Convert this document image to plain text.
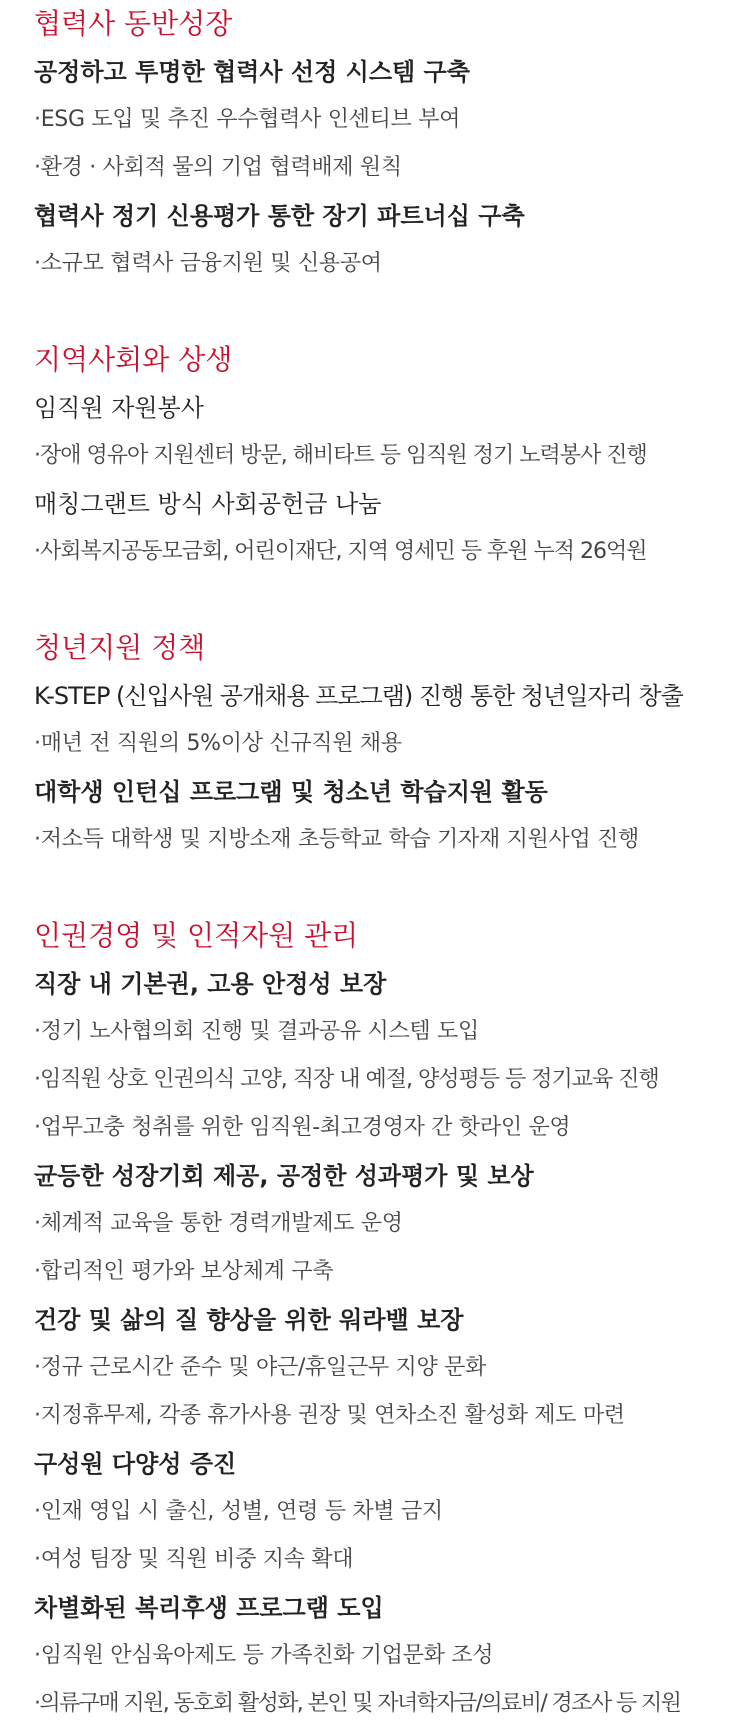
협력사 동반성장
공정하고 투명한 협력사 선정 시스템 구축
·ESG 도입 및 추진 우수협력사 인센티브 부여
·환경 · 사회적 물의 기업 협력배제 원칙
협력사 정기 신용평가 통한 장기 파트너십 구축
·소규모 협력사 금융지원 및 신용공여
지역사회와 상생
임직원 자원봉사
·장애 영유아 지원센터 방문, 해비타트 등 임직원 정기 노력봉사 진행
매칭그랜트 방식 사회공헌금 나눔
·사회복지공동모금회, 어린이재단, 지역 영세민 등 후원 누적 26억원
청년지원 정책
K-STEP (신입사원 공개채용 프로그램) 진행 통한 청년일자리 창출
·매년 전 직원의 5%이상 신규직원 채용
대학생 인턴십 프로그램 및 청소년 학습지원 활동
·저소득 대학생 및 지방소재 초등학교 학습 기자재 지원사업 진행
인권경영 및 인적자원 관리
직장 내 기본권, 고용 안정성 보장
·정기 노사협의회 진행 및 결과공유 시스템 도입
·임직원 상호 인권의식 고양, 직장 내 예절, 양성평등 등 정기교육 진행
·업무고충 청취를 위한 임직원-최고경영자 간 핫라인 운영
균등한 성장기회 제공, 공정한 성과평가 및 보상
·체계적 교육을 통한 경력개발제도 운영
·합리적인 평가와 보상체계 구축
건강 및 삶의 질 향상을 위한 워라밸 보장
·정규 근로시간 준수 및 야근/휴일근무 지양 문화
·지정휴무제, 각종 휴가사용 권장 및 연차소진 활성화 제도 마련
구성원 다양성 증진
·인재 영입 시 출신, 성별, 연령 등 차별 금지
·여성 팀장 및 직원 비중 지속 확대
차별화된 복리후생 프로그램 도입
·임직원 안심육아제도 등 가족친화 기업문화 조성
·의류구매 지원, 동호회 활성화, 본인 및 자녀학자금/의료비/ 경조사 등 지원
